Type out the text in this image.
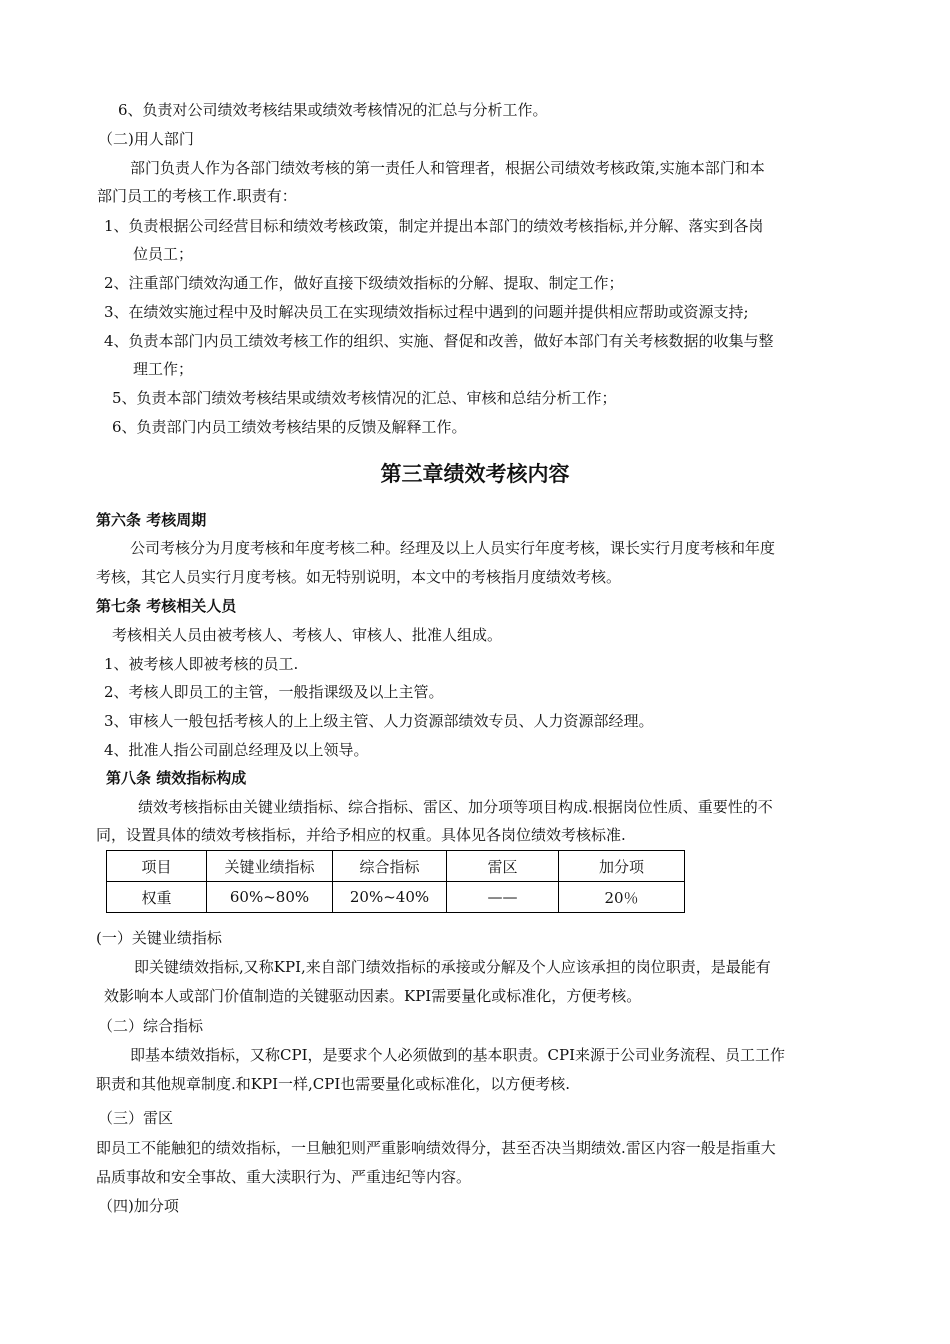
6、负责对公司绩效考核结果或绩效考核情况的汇总与分析工作。
（二)用人部门
部门负责人作为各部门绩效考核的第一责任人和管理者，根据公司绩效考核政策,实施本部门和本
部门员工的考核工作.职责有：
1、负责根据公司经营目标和绩效考核政策，制定并提出本部门的绩效考核指标,并分解、落实到各岗
位员工；
2、注重部门绩效沟通工作，做好直接下级绩效指标的分解、提取、制定工作；
3、在绩效实施过程中及时解决员工在实现绩效指标过程中遇到的问题并提供相应帮助或资源支持;
4、负责本部门内员工绩效考核工作的组织、实施、督促和改善，做好本部门有关考核数据的收集与整
理工作；
5、负责本部门绩效考核结果或绩效考核情况的汇总、审核和总结分析工作；
6、负责部门内员工绩效考核结果的反馈及解释工作。
第三章绩效考核内容
第六条 考核周期
公司考核分为月度考核和年度考核二种。经理及以上人员实行年度考核，课长实行月度考核和年度
考核，其它人员实行月度考核。如无特别说明，本文中的考核指月度绩效考核。
第七条 考核相关人员
考核相关人员由被考核人、考核人、审核人、批准人组成。
1、被考核人即被考核的员工.
2、考核人即员工的主管，一般指课级及以上主管。
3、审核人一般包括考核人的上上级主管、人力资源部绩效专员、人力资源部经理。
4、批准人指公司副总经理及以上领导。
第八条 绩效指标构成
绩效考核指标由关键业绩指标、综合指标、雷区、加分项等项目构成.根据岗位性质、重要性的不
同，设置具体的绩效考核指标，并给予相应的权重。具体见各岗位绩效考核标准.
项目	关键业绩指标	综合指标	雷区	加分项
权重	60%~80%	20%~40%	——	20％
(一）关键业绩指标
即关键绩效指标,又称KPI,来自部门绩效指标的承接或分解及个人应该承担的岗位职责，是最能有
效影响本人或部门价值制造的关键驱动因素。KPI需要量化或标准化，方便考核。
（二）综合指标
即基本绩效指标，又称CPI，是要求个人必须做到的基本职责。CPI来源于公司业务流程、员工工作
职责和其他规章制度.和KPI一样,CPI也需要量化或标准化，以方便考核.
（三）雷区
即员工不能触犯的绩效指标，一旦触犯则严重影响绩效得分，甚至否决当期绩效.雷区内容一般是指重大
品质事故和安全事故、重大渎职行为、严重违纪等内容。
（四)加分项
